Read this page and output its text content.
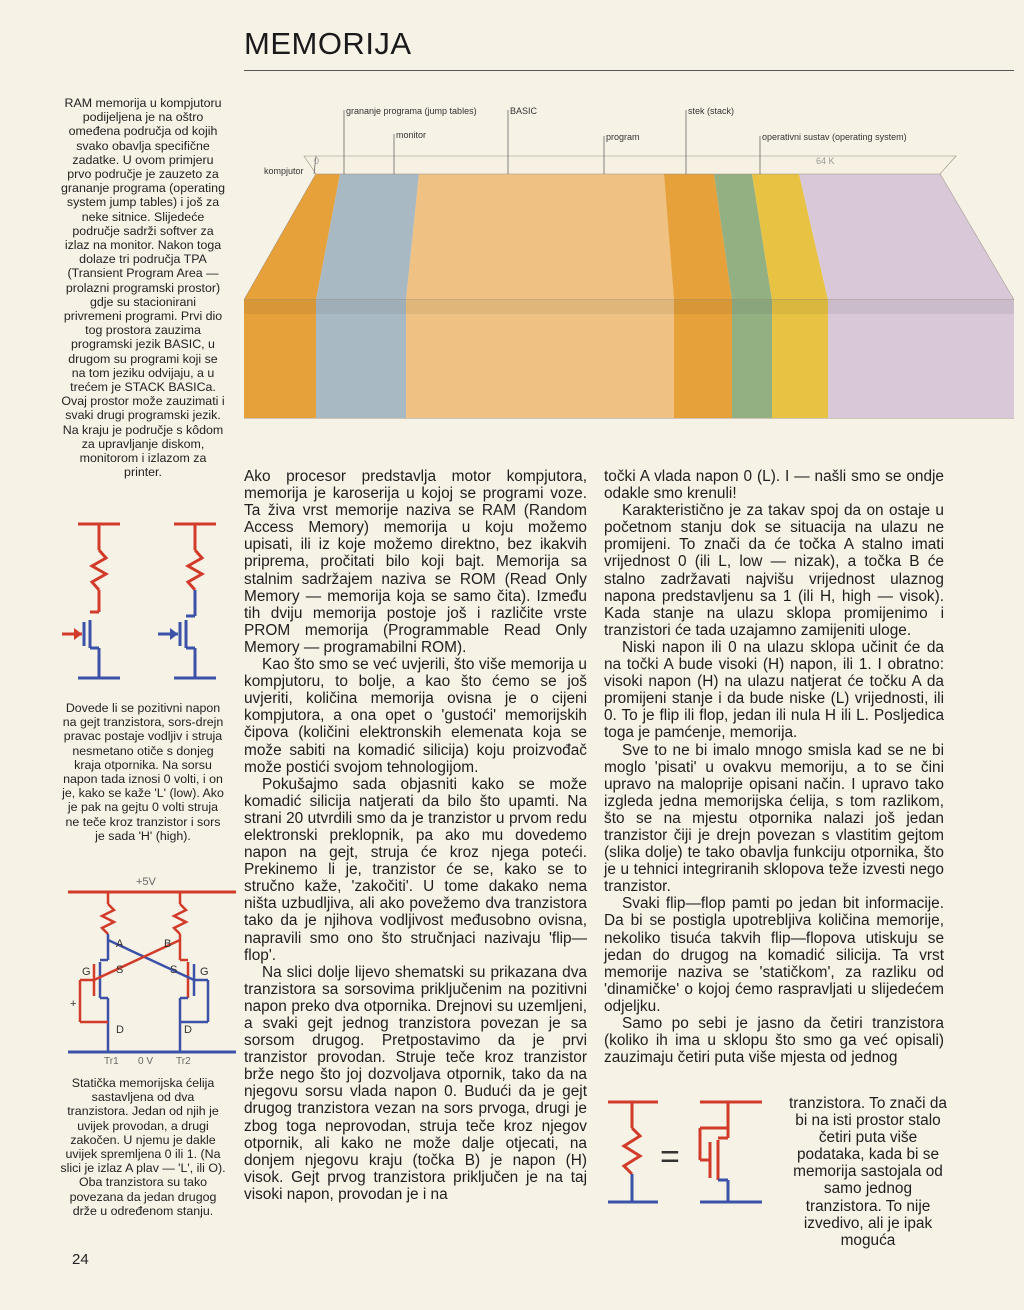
MEMORIJA
grananje programa (jump tables)	BASIC
monitor	program
stek (stack)
operativni sustav (operating system)
kompjutor
0	64 K
RAM memorija u kompjutoru podijeljena je na oštro omeđena područja od kojih svako obavlja specifične zadatke. U ovom primjeru prvo područje je zauzeto za grananje programa (operating system jump tables) i još za neke sitnice. Slijedeće područje sadrži softver za izlaz na monitor. Nakon toga dolaze tri područja TPA (Transient Program Area — prolazni programski prostor) gdje su stacionirani privremeni programi. Prvi dio tog prostora zauzima programski jezik BASIC, u drugom su programi koji se na tom jeziku odvijaju, a u trećem je STACK BASICa. Ovaj prostor može zauzimati i svaki drugi programski jezik. Na kraju je područje s kôdom za upravljanje diskom, monitorom i izlazom za printer.
Dovede li se pozitivni napon na gejt tranzistora, sors-drejn pravac postaje vodljiv i struja nesmetano otiče s donjeg kraja otpornika. Na sorsu napon tada iznosi 0 volti, i on je, kako se kaže 'L' (low). Ako je pak na gejtu 0 volti struja ne teče kroz tranzistor i sors je sada 'H' (high).
+5V
A	B
G	G
S	S
D	D
+
Tr1 0 V Tr2
Statička memorijska ćelija sastavljena od dva tranzistora. Jedan od njih je uvijek provodan, a drugi zakočen. U njemu je dakle uvijek spremljena 0 ili 1. (Na slici je izlaz A plav — 'L', ili O). Oba tranzistora su tako povezana da jedan drugog drže u određenom stanju.
24

Ako procesor predstavlja motor kompjutora, memorija je karoserija u kojoj se programi voze. Ta živa vrst memorije naziva se RAM (Random Access Memory) memorija u koju možemo upisati, ili iz koje možemo direktno, bez ikakvih priprema, pročitati bilo koji bajt. Memorija sa stalnim sadržajem naziva se ROM (Read Only Memory — memorija koja se samo čita). Između tih dviju memorija postoje još i različite vrste PROM memorija (Programmable Read Only Memory — programabilni ROM).

Kao što smo se već uvjerili, što više memorija u kompjutoru, to bolje, a kao što ćemo se još uvjeriti, količina memorija ovisna je o cijeni kompjutora, a ona opet o 'gustoći' memorijskih čipova (količini elektronskih elemenata koja se može sabiti na komadić silicija) koju proizvođač može postići svojom tehnologijom.

Pokušajmo sada objasniti kako se može komadić silicija natjerati da bilo što upamti. Na strani 20 utvrdili smo da je tranzistor u prvom redu elektronski preklopnik, pa ako mu dovedemo napon na gejt, struja će kroz njega poteći. Prekinemo li je, tranzistor će se, kako se to stručno kaže, 'zakočiti'. U tome dakako nema ništa uzbudljiva, ali ako povežemo dva tranzistora tako da je njihova vodljivost međusobno ovisna, napravili smo ono što stručnjaci nazivaju 'flip—flop'.

Na slici dolje lijevo shematski su prikazana dva tranzistora sa sorsovima priključenim na pozitivni napon preko dva otpornika. Drejnovi su uzemljeni, a svaki gejt jednog tranzistora povezan je sa sorsom drugog. Pretpostavimo da je prvi tranzistor provodan. Struje teče kroz tranzistor brže nego što joj dozvoljava otpornik, tako da na njegovu sorsu vlada napon 0. Budući da je gejt drugog tranzistora vezan na sors prvoga, drugi je zbog toga neprovodan, struja teče kroz njegov otpornik, ali kako ne može dalje otjecati, na donjem njegovu kraju (točka B) je napon (H) visok. Gejt prvog tranzistora priključen je na taj visoki napon, provodan je i na

točki A vlada napon 0 (L). I — našli smo se ondje odakle smo krenuli!

Karakteristično je za takav spoj da on ostaje u početnom stanju dok se situacija na ulazu ne promijeni. To znači da će točka A stalno imati vrijednost 0 (ili L, low — nizak), a točka B će stalno zadržavati najvišu vrijednost ulaznog napona predstavljenu sa 1 (ili H, high — visok). Kada stanje na ulazu sklopa promijenimo i tranzistori će tada uzajamno zamijeniti uloge.

Niski napon ili 0 na ulazu sklopa učinit će da na točki A bude visoki (H) napon, ili 1. I obratno: visoki napon (H) na ulazu natjerat će točku A da promijeni stanje i da bude niske (L) vrijednosti, ili 0. To je flip ili flop, jedan ili nula H ili L. Posljedica toga je pamćenje, memorija.

Sve to ne bi imalo mnogo smisla kad se ne bi moglo 'pisati' u ovakvu memoriju, a to se čini upravo na maloprije opisani način. I upravo tako izgleda jedna memorijska ćelija, s tom razlikom, što se na mjestu otpornika nalazi još jedan tranzistor čiji je drejn povezan s vlastitim gejtom (slika dolje) te tako obavlja funkciju otpornika, što je u tehnici integriranih sklopova teže izvesti nego tranzistor.

Svaki flip—flop pamti po jedan bit informacije. Da bi se postigla upotrebljiva količina memorije, nekoliko tisuća takvih flip—flopova utiskuju se jedan do drugog na komadić silicija. Ta vrst memorije naziva se 'statičkom', za razliku od 'dinamičke' o kojoj ćemo raspravljati u slijedećem odjeljku.

Samo po sebi je jasno da četiri tranzistora (koliko ih ima u sklopu što smo ga već opisali) zauzimaju četiri puta više mjesta od jednog

=

tranzistora. To znači da bi na isti prostor stalo četiri puta više podataka, kada bi se memorija sastojala od samo jednog tranzistora. To nije izvedivo, ali je ipak moguća
